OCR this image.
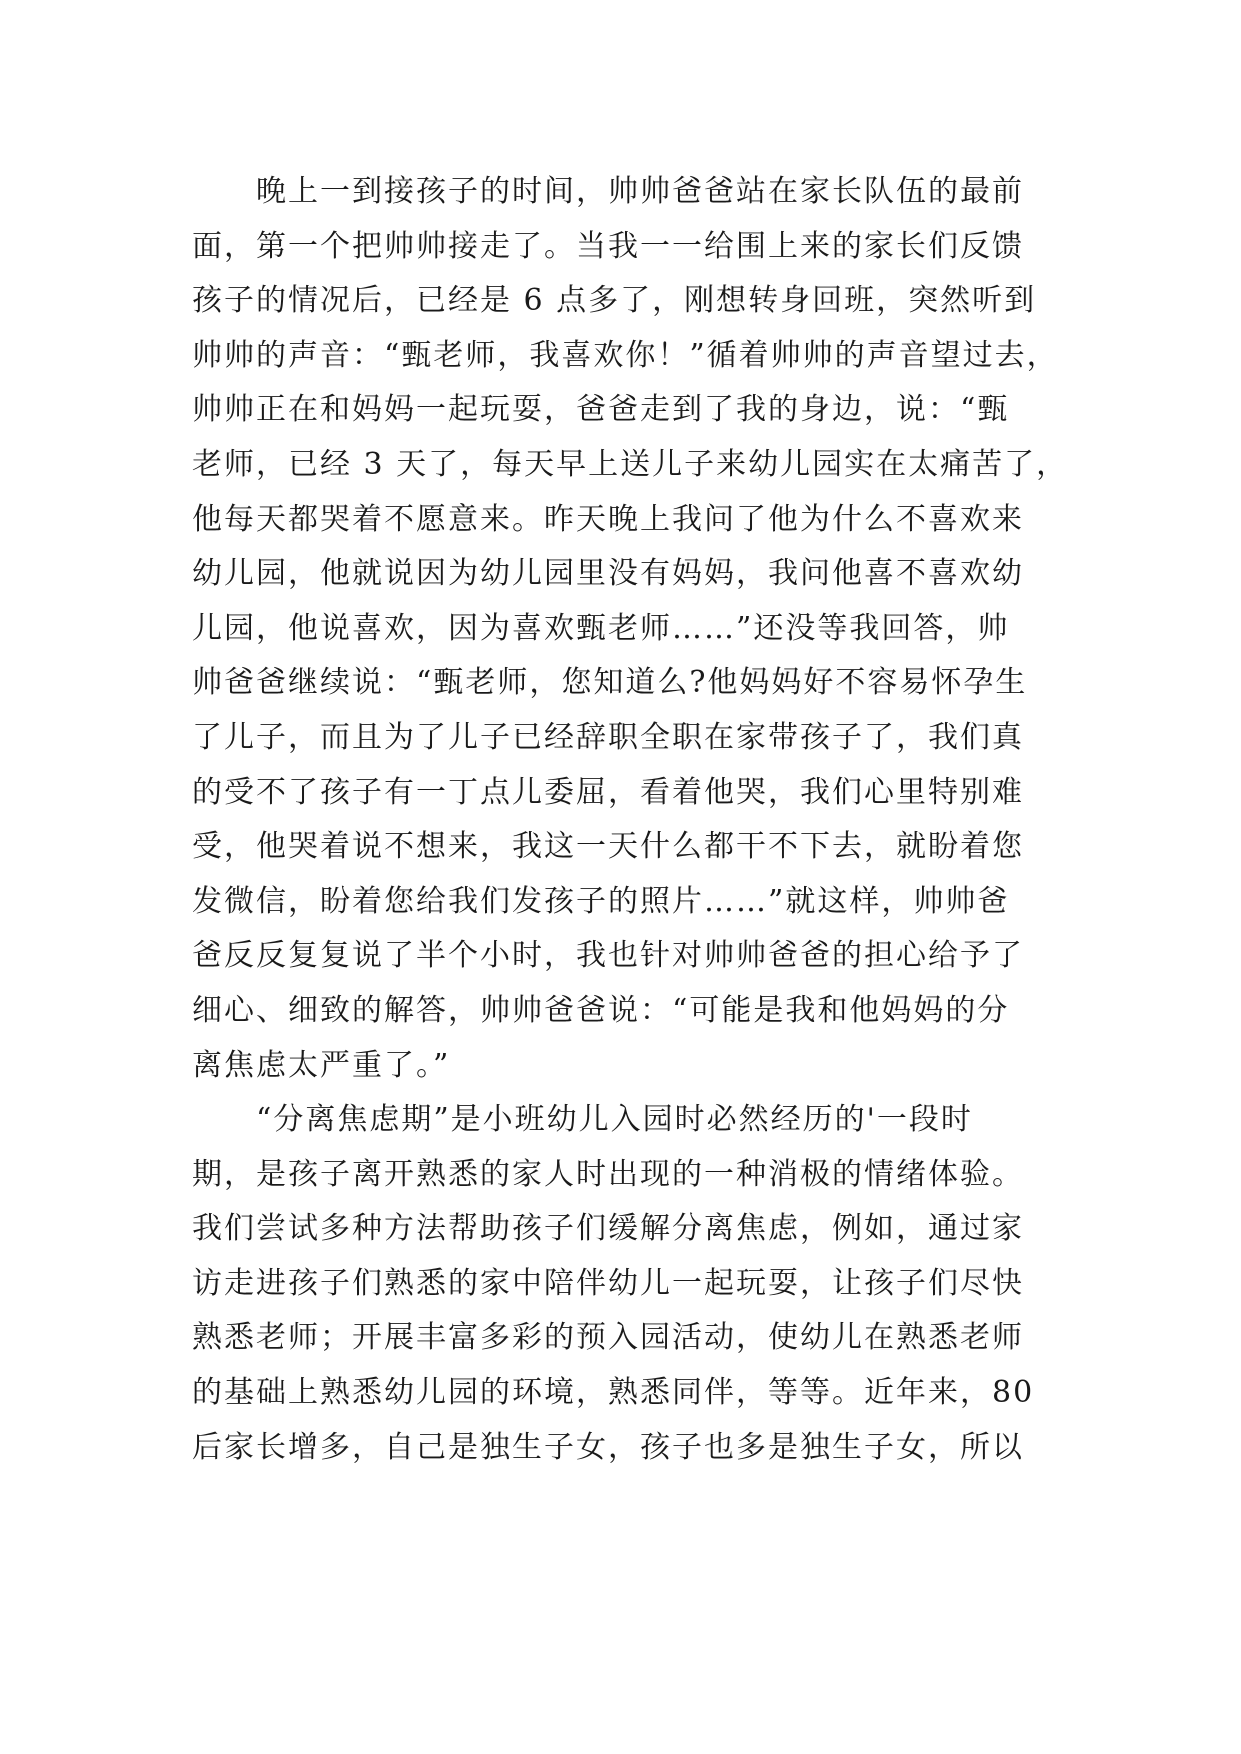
晚上一到接孩子的时间，帅帅爸爸站在家长队伍的最前
面，第一个把帅帅接走了。当我一一给围上来的家长们反馈
孩子的情况后，已经是 6 点多了，刚想转身回班，突然听到
帅帅的声音：“甄老师，我喜欢你！”循着帅帅的声音望过去，
帅帅正在和妈妈一起玩耍，爸爸走到了我的身边，说：“甄
老师，已经 3 天了，每天早上送儿子来幼儿园实在太痛苦了，
他每天都哭着不愿意来。昨天晚上我问了他为什么不喜欢来
幼儿园，他就说因为幼儿园里没有妈妈，我问他喜不喜欢幼
儿园，他说喜欢，因为喜欢甄老师……”还没等我回答，帅
帅爸爸继续说：“甄老师，您知道么?他妈妈好不容易怀孕生
了儿子，而且为了儿子已经辞职全职在家带孩子了，我们真
的受不了孩子有一丁点儿委屈，看着他哭，我们心里特别难
受，他哭着说不想来，我这一天什么都干不下去，就盼着您
发微信，盼着您给我们发孩子的照片……”就这样，帅帅爸
爸反反复复说了半个小时，我也针对帅帅爸爸的担心给予了
细心、细致的解答，帅帅爸爸说：“可能是我和他妈妈的分
离焦虑太严重了。”
“分离焦虑期”是小班幼儿入园时必然经历的'一段时
期，是孩子离开熟悉的家人时出现的一种消极的情绪体验。
我们尝试多种方法帮助孩子们缓解分离焦虑，例如，通过家
访走进孩子们熟悉的家中陪伴幼儿一起玩耍，让孩子们尽快
熟悉老师；开展丰富多彩的预入园活动，使幼儿在熟悉老师
的基础上熟悉幼儿园的环境，熟悉同伴，等等。近年来，80
后家长增多，自己是独生子女，孩子也多是独生子女，所以
